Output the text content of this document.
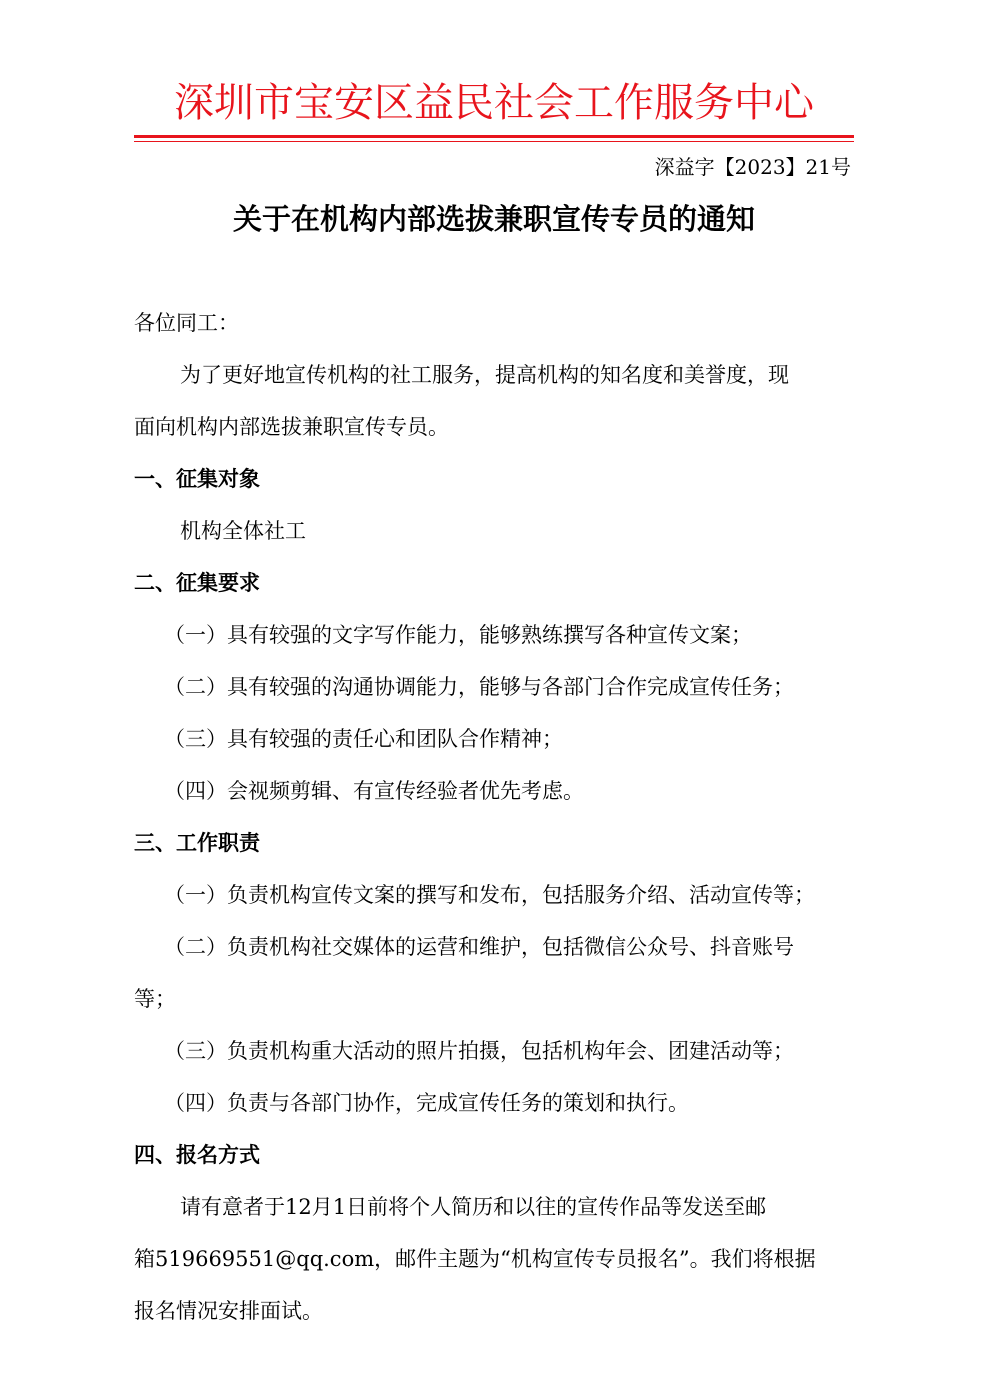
深圳市宝安区益民社会工作服务中心
深益字【2023】21号
关于在机构内部选拔兼职宣传专员的通知
各位同工：
为了更好地宣传机构的社工服务，提高机构的知名度和美誉度，现
面向机构内部选拔兼职宣传专员。
一、征集对象
机构全体社工
二、征集要求
（一）具有较强的文字写作能力，能够熟练撰写各种宣传文案；
（二）具有较强的沟通协调能力，能够与各部门合作完成宣传任务；
（三）具有较强的责任心和团队合作精神；
（四）会视频剪辑、有宣传经验者优先考虑。
三、工作职责
（一）负责机构宣传文案的撰写和发布，包括服务介绍、活动宣传等；
（二）负责机构社交媒体的运营和维护，包括微信公众号、抖音账号
等；
（三）负责机构重大活动的照片拍摄，包括机构年会、团建活动等；
（四）负责与各部门协作，完成宣传任务的策划和执行。
四、报名方式
请有意者于12月1日前将个人简历和以往的宣传作品等发送至邮
箱519669551@qq.com，邮件主题为“机构宣传专员报名”。我们将根据
报名情况安排面试。
